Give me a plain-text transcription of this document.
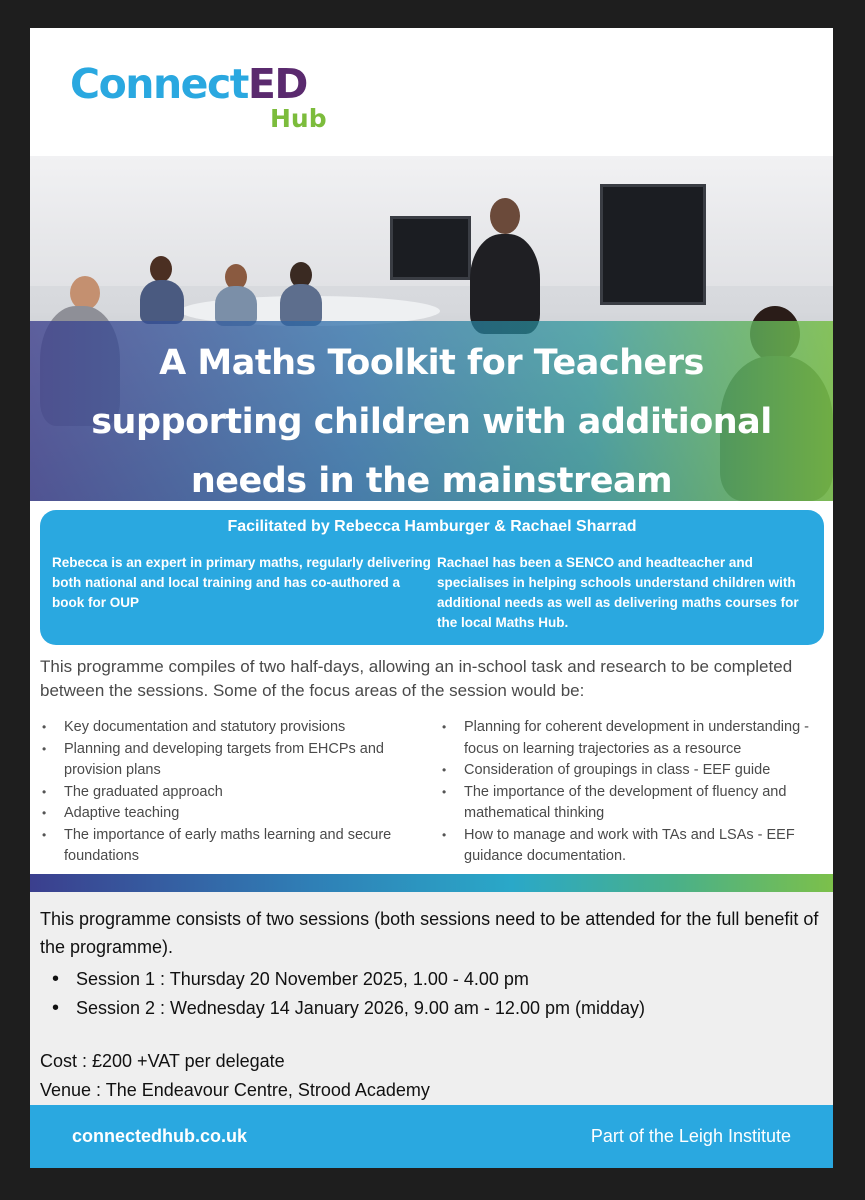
ConnectED
Hub
A Maths Toolkit for Teachers
supporting children with additional
needs in the mainstream
Facilitated by Rebecca Hamburger & Rachael Sharrad
Rebecca is an expert in primary maths, regularly delivering both national and local training and has co-authored a book for OUP
Rachael has been a SENCO and headteacher and specialises in helping schools understand children with additional needs as well as delivering maths courses for the local Maths Hub.
This programme compiles of two half-days, allowing an in-school task and research to be completed between the sessions. Some of the focus areas of the session would be:
• Key documentation and statutory provisions
• Planning and developing targets from EHCPs and provision plans
• The graduated approach
• Adaptive teaching
• The importance of early maths learning and secure foundations
• Planning for coherent development in understanding - focus on learning trajectories as a resource
• Consideration of groupings in class - EEF guide
• The importance of the development of fluency and mathematical thinking
• How to manage and work with TAs and LSAs - EEF guidance documentation.
This programme consists of two sessions (both sessions need to be attended for the full benefit of the programme).
• Session 1 : Thursday 20 November 2025, 1.00 - 4.00 pm
• Session 2 : Wednesday 14 January 2026, 9.00 am - 12.00 pm (midday)
Cost : £200 +VAT per delegate
Venue : The Endeavour Centre, Strood Academy
connectedhub.co.uk	Part of the Leigh Institute
